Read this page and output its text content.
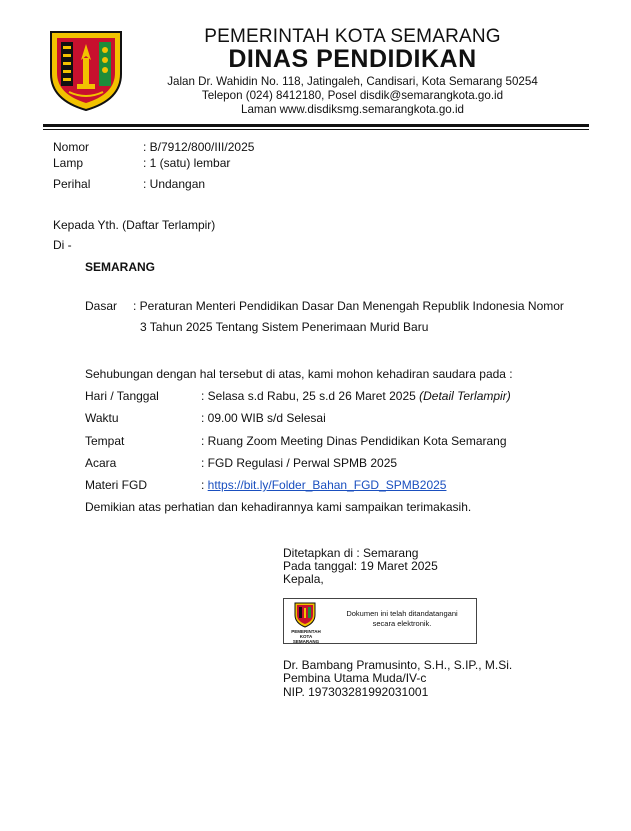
PEMERINTAH KOTA SEMARANG
DINAS PENDIDIKAN
Jalan Dr. Wahidin No. 118, Jatingaleh, Candisari, Kota Semarang 50254
Telepon (024) 8412180, Posel disdik@semarangkota.go.id
Laman www.disdiksmg.semarangkota.go.id
Nomor	: B/7912/800/III/2025
Lamp	: 1 (satu) lembar
Perihal	: Undangan
Kepada Yth. (Daftar Terlampir)
Di -
SEMARANG
Dasar : Peraturan Menteri Pendidikan Dasar Dan Menengah Republik Indonesia Nomor
3 Tahun 2025 Tentang Sistem Penerimaan Murid Baru
Sehubungan dengan hal tersebut di atas, kami mohon kehadiran saudara pada :
Hari / Tanggal	: Selasa s.d Rabu, 25 s.d 26 Maret 2025 (Detail Terlampir)
Waktu	: 09.00 WIB s/d Selesai
Tempat	: Ruang Zoom Meeting Dinas Pendidikan Kota Semarang
Acara	: FGD Regulasi / Perwal SPMB 2025
Materi FGD	: https://bit.ly/Folder_Bahan_FGD_SPMB2025
Demikian atas perhatian dan kehadirannya kami sampaikan terimakasih.
Ditetapkan di : Semarang
Pada tanggal: 19 Maret 2025
Kepala,
PEMERINTAH KOTA SEMARANG
Dokumen ini telah ditandatangani
secara elektronik.
Dr. Bambang Pramusinto, S.H., S.IP., M.Si.
Pembina Utama Muda/IV-c
NIP. 197303281992031001
